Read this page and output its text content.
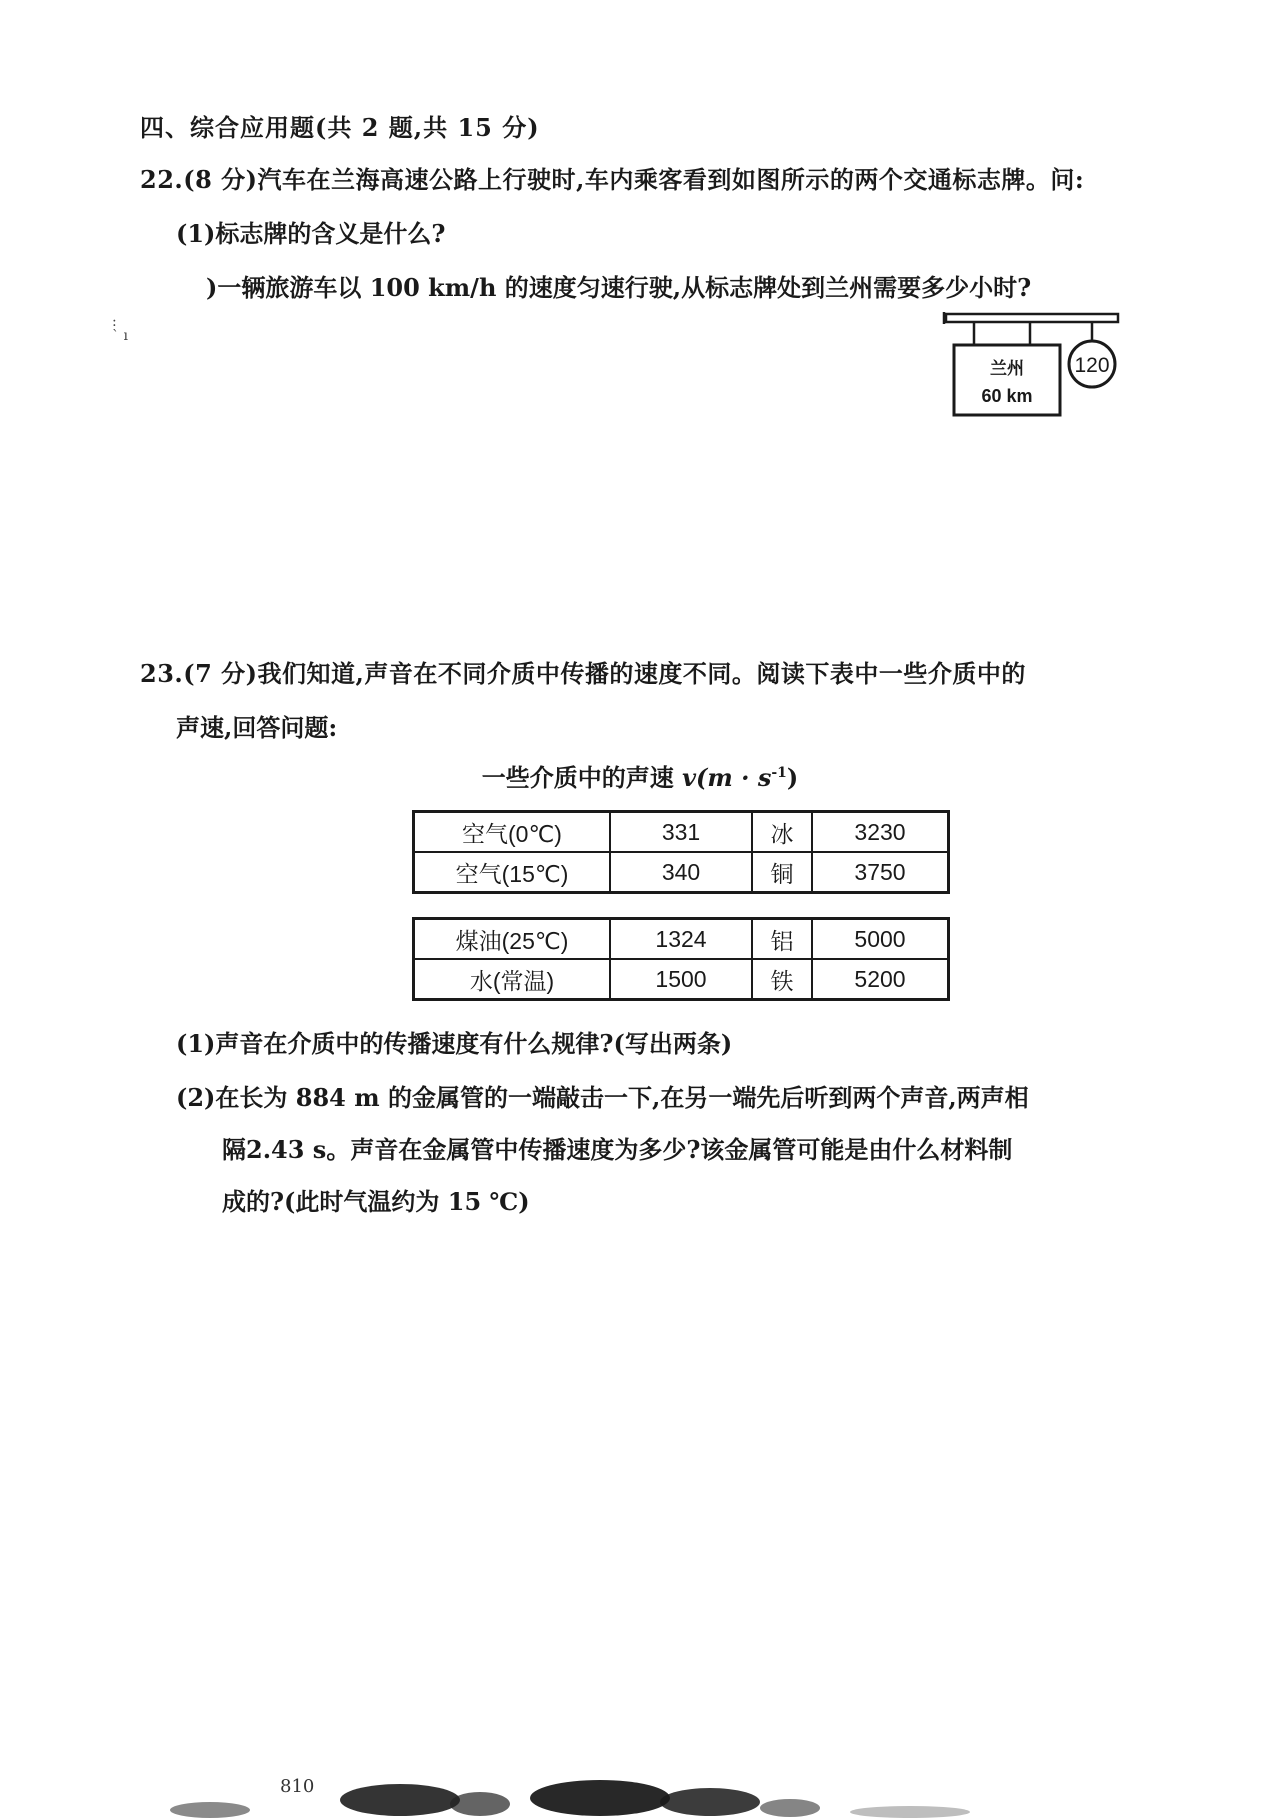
四、综合应用题(共 2 题,共 15 分)

22.(8 分)汽车在兰海高速公路上行驶时,车内乘客看到如图所示的两个交通标志牌。问:

(1)标志牌的含义是什么?

)一辆旅游车以 100 km/h 的速度匀速行驶,从标志牌处到兰州需要多少小时?

:
` ı

兰州
60 km
120

23.(7 分)我们知道,声音在不同介质中传播的速度不同。阅读下表中一些介质中的

声速,回答问题:

一些介质中的声速 $v(m \cdot s^{-1})$

空气(0℃)	331	冰	3230
空气(15℃)	340	铜	3750
煤油(25℃)	1324	铝	5000
水(常温)	1500	铁	5200

(1)声音在介质中的传播速度有什么规律?(写出两条)

(2)在长为 884 m 的金属管的一端敲击一下,在另一端先后听到两个声音,两声相

隔2.43 s。声音在金属管中传播速度为多少?该金属管可能是由什么材料制

成的?(此时气温约为 15 ℃)

810
